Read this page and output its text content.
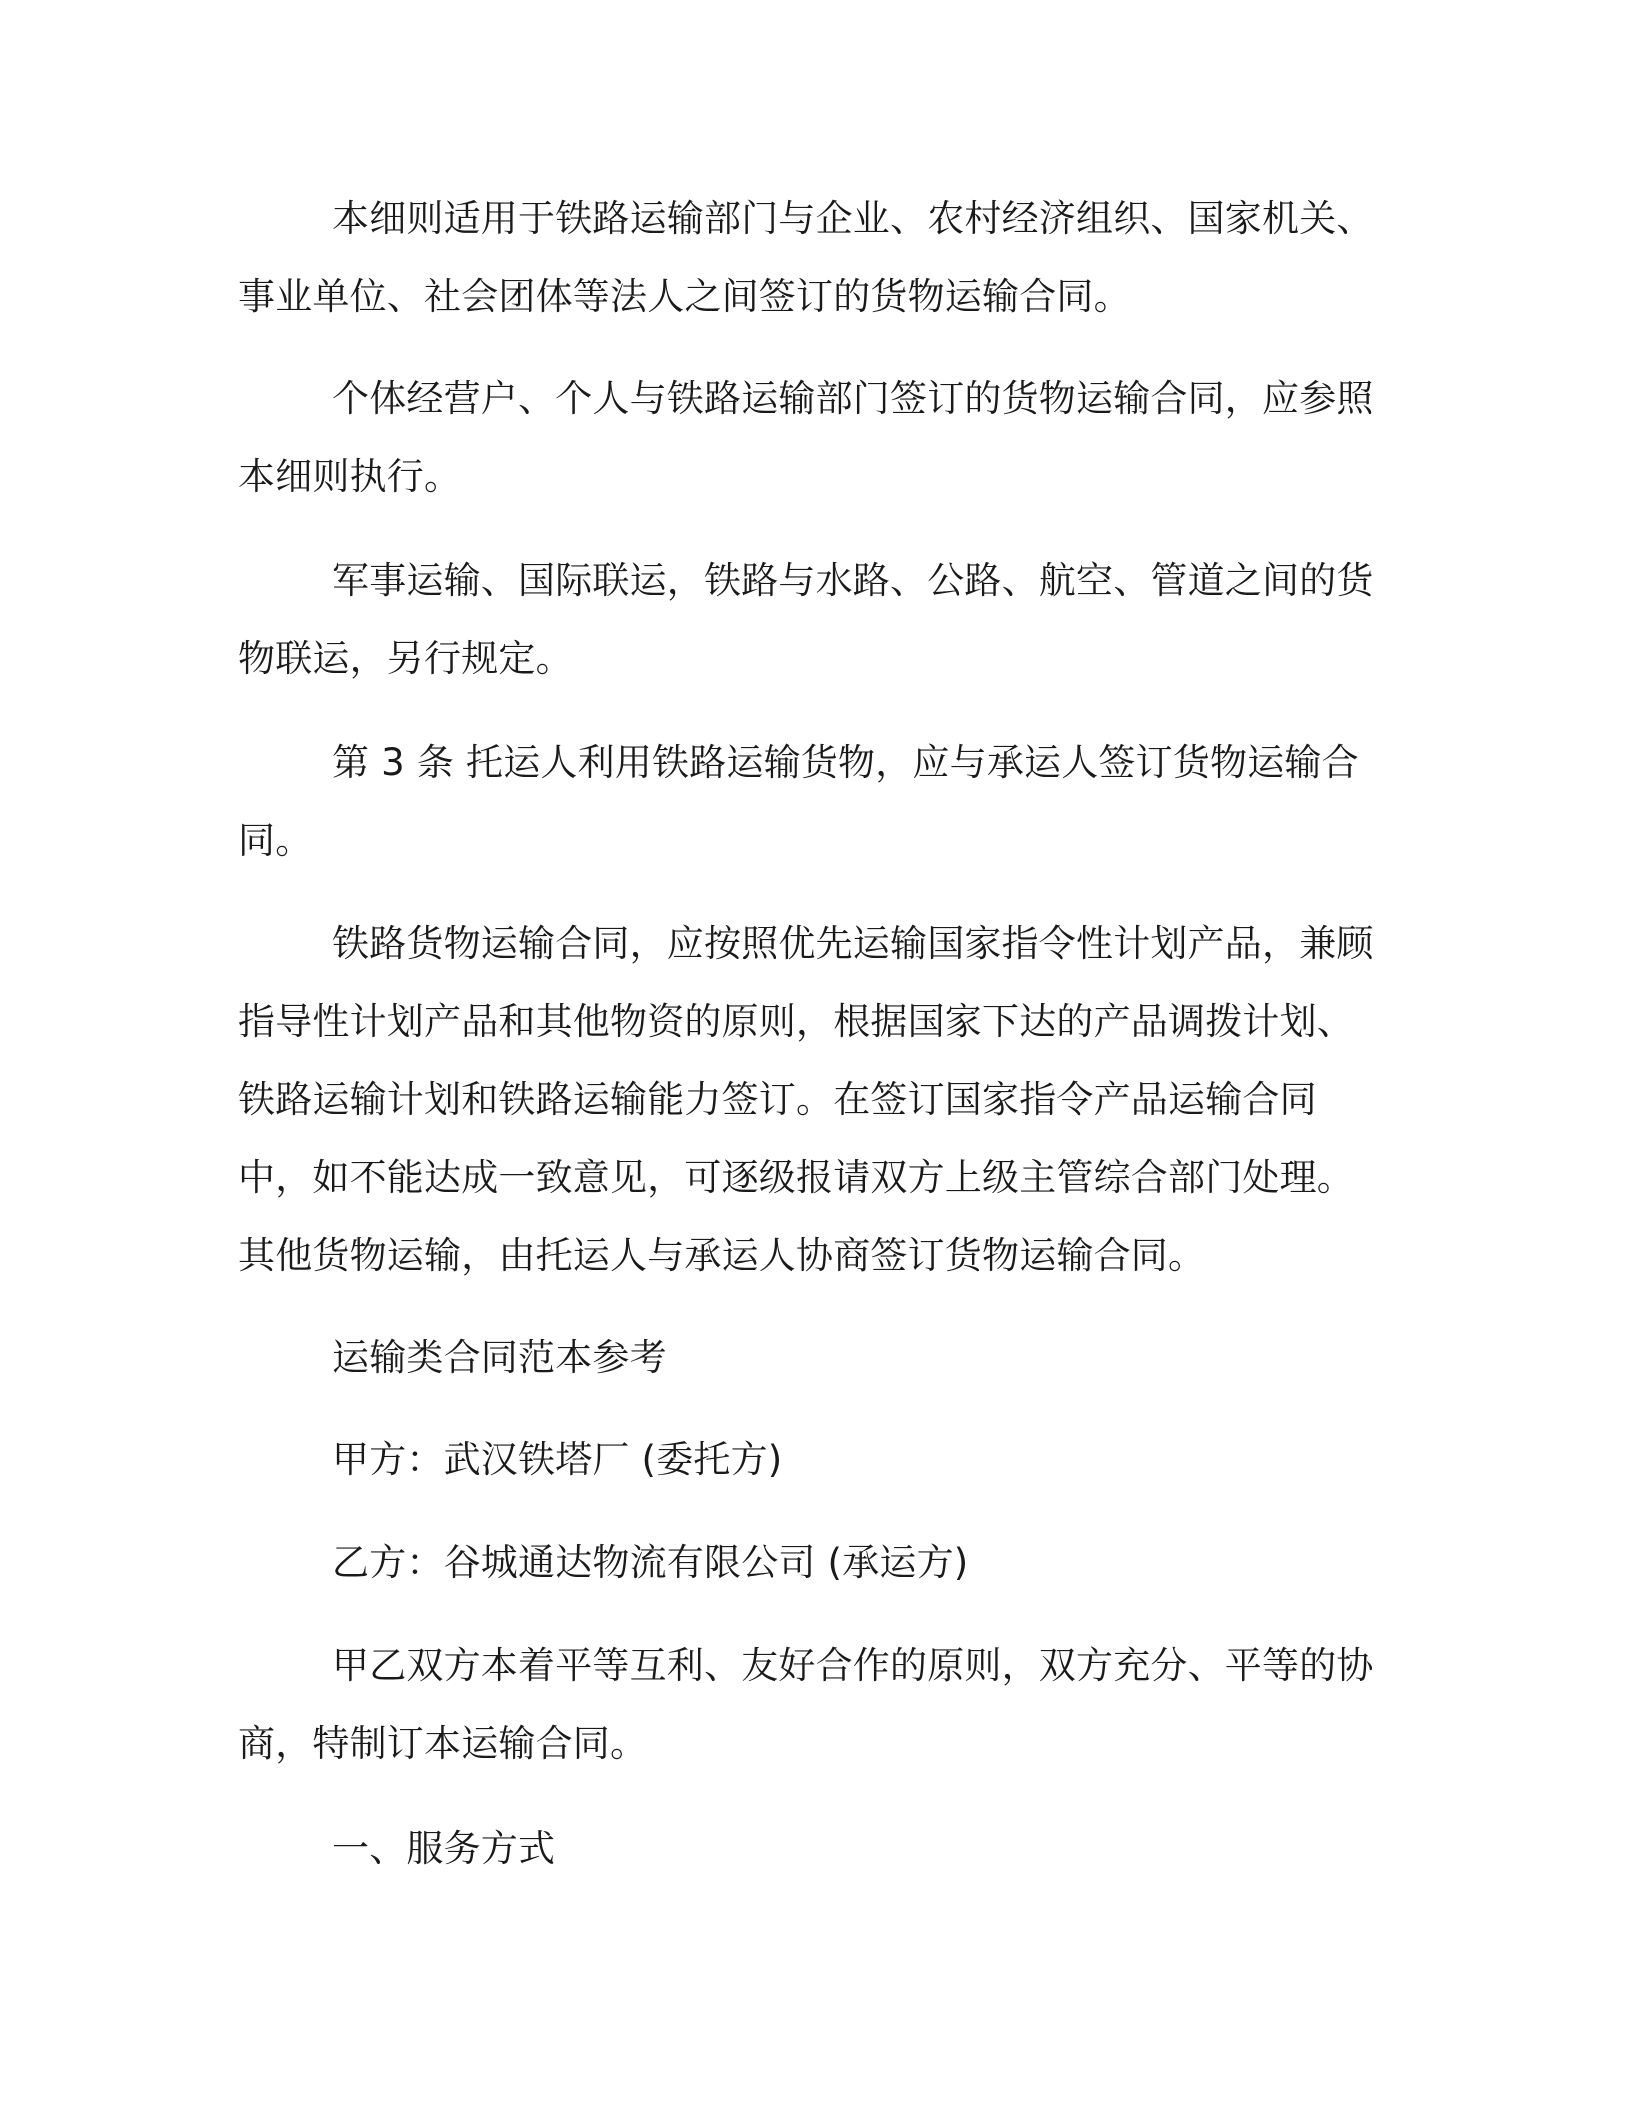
本细则适用于铁路运输部门与企业、农村经济组织、国家机关、事业单位、社会团体等法人之间签订的货物运输合同。

个体经营户、个人与铁路运输部门签订的货物运输合同，应参照本细则执行。

军事运输、国际联运，铁路与水路、公路、航空、管道之间的货物联运，另行规定。

第 3 条 托运人利用铁路运输货物，应与承运人签订货物运输合同。

铁路货物运输合同，应按照优先运输国家指令性计划产品，兼顾指导性计划产品和其他物资的原则，根据国家下达的产品调拨计划、铁路运输计划和铁路运输能力签订。在签订国家指令产品运输合同中，如不能达成一致意见，可逐级报请双方上级主管综合部门处理。其他货物运输，由托运人与承运人协商签订货物运输合同。

运输类合同范本参考

甲方：武汉铁塔厂 (委托方)

乙方：谷城通达物流有限公司 (承运方)

甲乙双方本着平等互利、友好合作的原则，双方充分、平等的协商，特制订本运输合同。

一、服务方式
